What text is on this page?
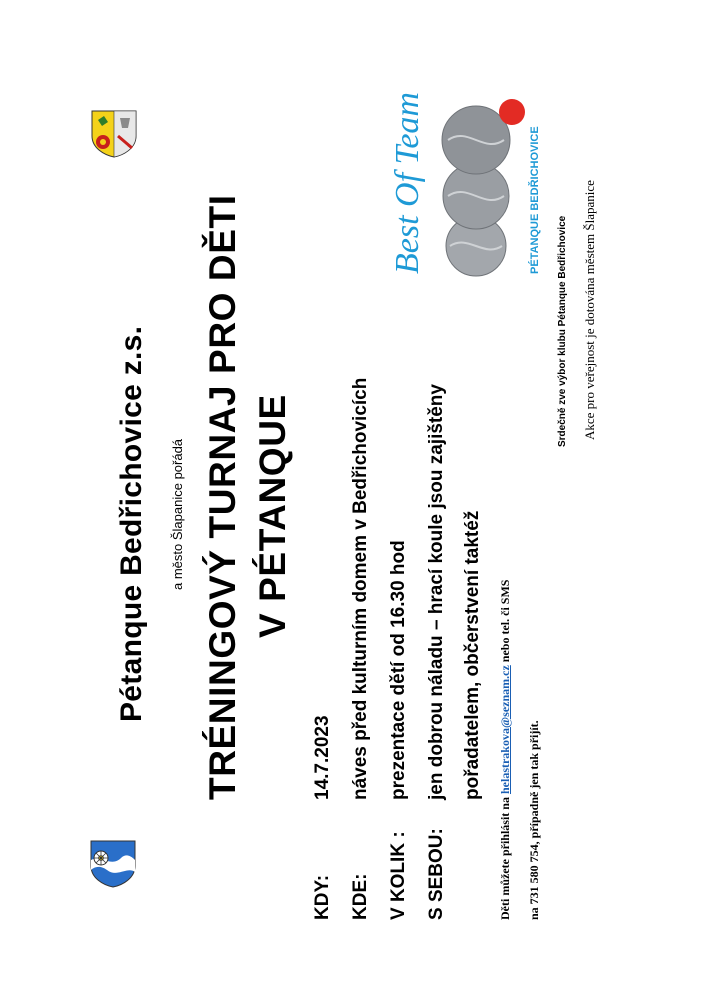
Best Of Team	PÉTANQUE BEDŘICHOVICE
Pétanque Bedřichovice z.s. a město Šlapanice pořádá TRÉNINGOVÝ TURNAJ PRO DĚTI V PÉTANQUE
KDY:
14.7.2023
KDE:
náves před kulturním domem v Bedřichovicích
V KOLIK :
prezentace dětí od 16.30 hod
S SEBOU:
jen dobrou náladu – hrací koule jsou zajištěny pořadatelem, občerstvení taktéž
Děti můžete přihlásit na helastrakova@seznam.cz nebo tel. či SMS
na 731 580 754, případně jen tak přijít.
Srdečně zve výbor klubu Pétanque Bedřichovice Akce pro veřejnost je dotována městem Šlapanice
